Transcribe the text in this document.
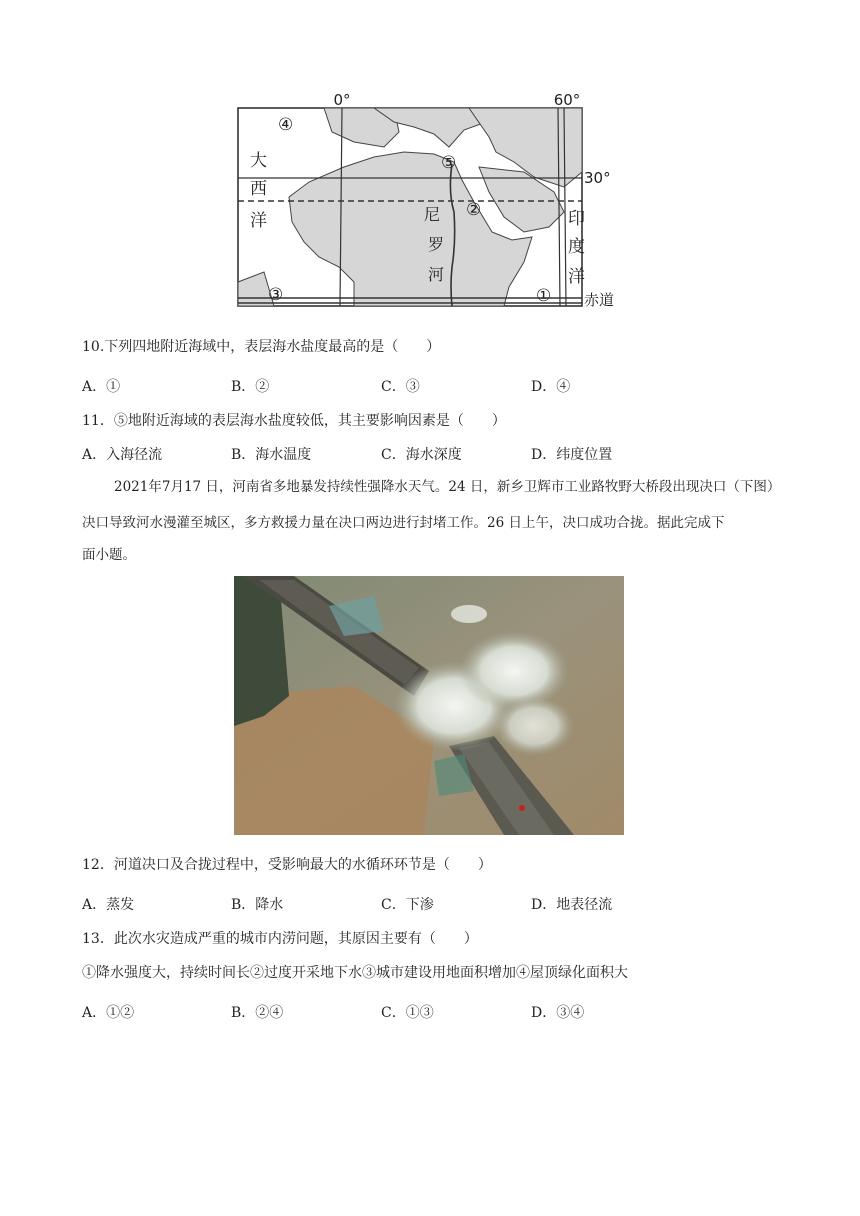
0°	60°
30°
赤道
大
西
洋	印
度
洋
尼
罗
河
①
②
③
④
⑤
10.下列四地附近海域中，表层海水盐度最高的是（　　）
A．①	B．②	C．③	D．④
11．⑤地附近海域的表层海水盐度较低，其主要影响因素是（　　）
A．入海径流	B．海水温度	C．海水深度	D．纬度位置
2021年7月17 日，河南省多地暴发持续性强降水天气。24 日，新乡卫辉市工业路牧野大桥段出现决口（下图）
决口导致河水漫灌至城区，多方救援力量在决口两边进行封堵工作。26 日上午，决口成功合拢。据此完成下
面小题。
12．河道决口及合拢过程中，受影响最大的水循环环节是（　　）
A．蒸发	B．降水	C．下渗	D．地表径流
13．此次水灾造成严重的城市内涝问题，其原因主要有（　　）
①降水强度大，持续时间长②过度开采地下水③城市建设用地面积增加④屋顶绿化面积大
A．①②	B．②④	C．①③	D．③④
